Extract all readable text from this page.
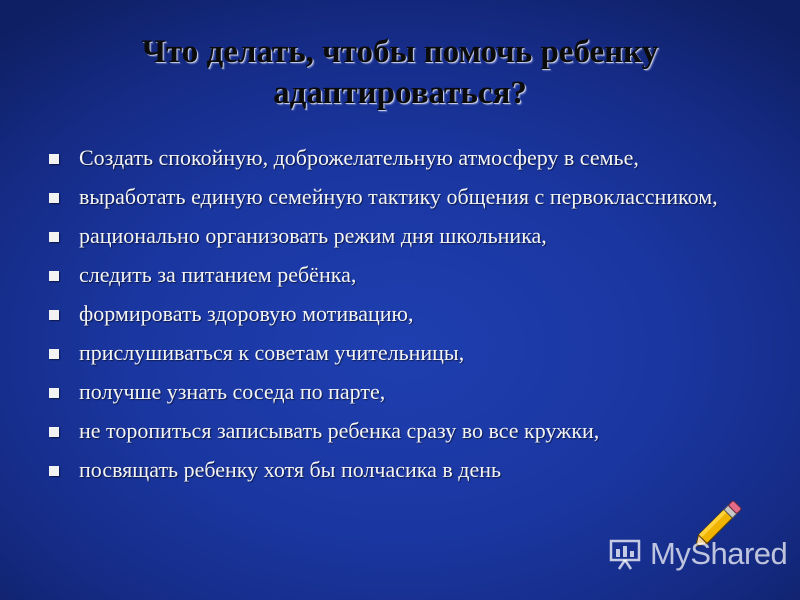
Что делать, чтобы помочь ребенку
адаптироваться?
Создать спокойную, доброжелательную атмосферу в семье,
выработать единую семейную тактику общения с первоклассником,
рационально организовать режим дня школьника,
следить за питанием ребёнка,
формировать здоровую мотивацию,
прислушиваться к советам учительницы,
получше узнать соседа по парте,
не торопиться записывать ребенка сразу во все кружки,
посвящать ребенку хотя бы полчасика в день
MyShared
